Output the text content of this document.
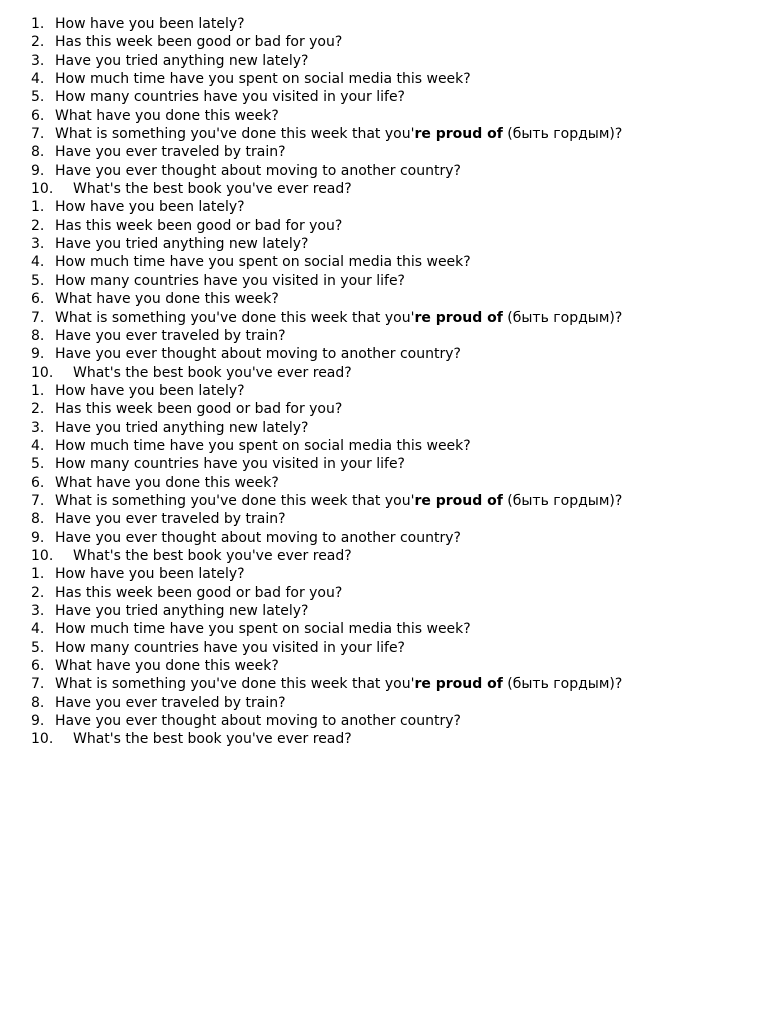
1. How have you been lately?
2. Has this week been good or bad for you?
3. Have you tried anything new lately?
4. How much time have you spent on social media this week?
5. How many countries have you visited in your life?
6. What have you done this week?
7. What is something you've done this week that you're proud of (быть гордым)?
8. Have you ever traveled by train?
9. Have you ever thought about moving to another country?
10. What's the best book you've ever read?
1. How have you been lately?
2. Has this week been good or bad for you?
3. Have you tried anything new lately?
4. How much time have you spent on social media this week?
5. How many countries have you visited in your life?
6. What have you done this week?
7. What is something you've done this week that you're proud of (быть гордым)?
8. Have you ever traveled by train?
9. Have you ever thought about moving to another country?
10. What's the best book you've ever read?
1. How have you been lately?
2. Has this week been good or bad for you?
3. Have you tried anything new lately?
4. How much time have you spent on social media this week?
5. How many countries have you visited in your life?
6. What have you done this week?
7. What is something you've done this week that you're proud of (быть гордым)?
8. Have you ever traveled by train?
9. Have you ever thought about moving to another country?
10. What's the best book you've ever read?
1. How have you been lately?
2. Has this week been good or bad for you?
3. Have you tried anything new lately?
4. How much time have you spent on social media this week?
5. How many countries have you visited in your life?
6. What have you done this week?
7. What is something you've done this week that you're proud of (быть гордым)?
8. Have you ever traveled by train?
9. Have you ever thought about moving to another country?
10. What's the best book you've ever read?
